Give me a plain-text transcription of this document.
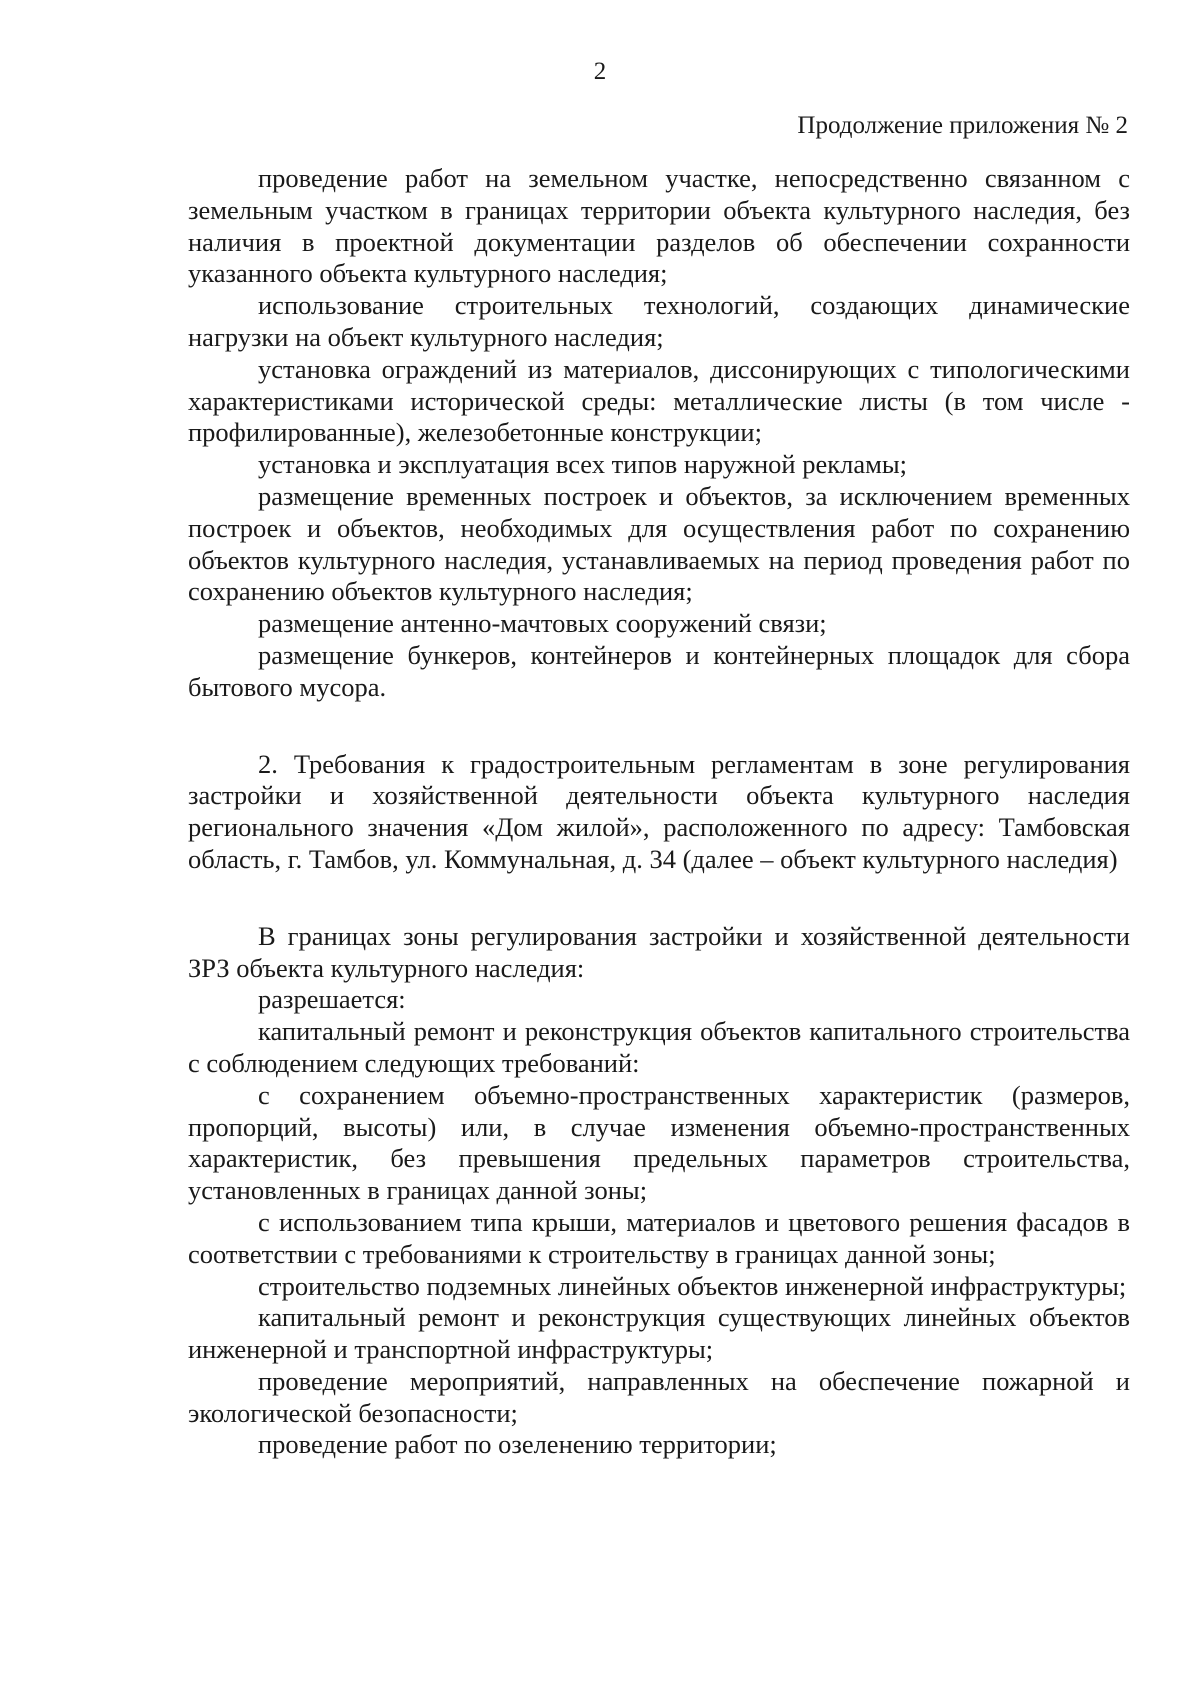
2
Продолжение приложения № 2

проведение работ на земельном участке, непосредственно связанном с земельным участком в границах территории объекта культурного наследия, без наличия в проектной документации разделов об обеспечении сохранности указанного объекта культурного наследия;

использование строительных технологий, создающих динамические нагрузки на объект культурного наследия;

установка ограждений из материалов, диссонирующих с типологическими характеристиками исторической среды: металлические листы (в том числе - профилированные), железобетонные конструкции;

установка и эксплуатация всех типов наружной рекламы;

размещение временных построек и объектов, за исключением временных построек и объектов, необходимых для осуществления работ по сохранению объектов культурного наследия, устанавливаемых на период проведения работ по сохранению объектов культурного наследия;

размещение антенно-мачтовых сооружений связи;

размещение бункеров, контейнеров и контейнерных площадок для сбора бытового мусора.

2. Требования к градостроительным регламентам в зоне регулирования застройки и хозяйственной деятельности объекта культурного наследия регионального значения «Дом жилой», расположенного по адресу: Тамбовская область, г. Тамбов, ул. Коммунальная, д. 34 (далее – объект культурного наследия)

В границах зоны регулирования застройки и хозяйственной деятельности ЗРЗ объекта культурного наследия:

разрешается:

капитальный ремонт и реконструкция объектов капитального строительства с соблюдением следующих требований:

с сохранением объемно-пространственных характеристик (размеров, пропорций, высоты) или, в случае изменения объемно-пространственных характеристик, без превышения предельных параметров строительства, установленных в границах данной зоны;

с использованием типа крыши, материалов и цветового решения фасадов в соответствии с требованиями к строительству в границах данной зоны;

строительство подземных линейных объектов инженерной инфраструктуры;

капитальный ремонт и реконструкция существующих линейных объектов инженерной и транспортной инфраструктуры;

проведение мероприятий, направленных на обеспечение пожарной и экологической безопасности;

проведение работ по озеленению территории;
